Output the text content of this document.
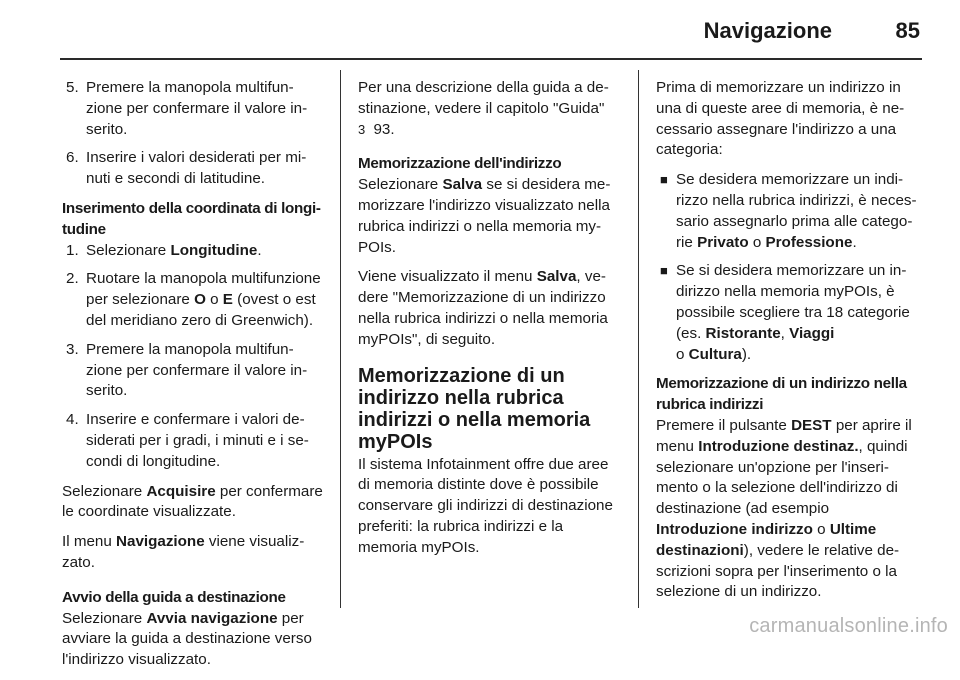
Navigazione	85
5. Premere la manopola multifunzione per confermare il valore inserito.
6. Inserire i valori desiderati per minuti e secondi di latitudine.
Inserimento della coordinata di longitudine
1. Selezionare Longitudine.
2. Ruotare la manopola multifunzione per selezionare O o E (ovest o est del meridiano zero di Greenwich).
3. Premere la manopola multifunzione per confermare il valore inserito.
4. Inserire e confermare i valori desiderati per i gradi, i minuti e i secondi di longitudine.

Selezionare Acquisire per confermare le coordinate visualizzate.

Il menu Navigazione viene visualizzato.

Avvio della guida a destinazione

Selezionare Avvia navigazione per avviare la guida a destinazione verso l'indirizzo visualizzato.

Per una descrizione della guida a destinazione, vedere il capitolo "Guida"
3 93.

Memorizzazione dell'indirizzo

Selezionare Salva se si desidera memorizzare l'indirizzo visualizzato nella rubrica indirizzi o nella memoria myPOIs.

Viene visualizzato il menu Salva, vedere "Memorizzazione di un indirizzo nella rubrica indirizzi o nella memoria myPOIs", di seguito.

Memorizzazione di un indirizzo nella rubrica indirizzi o nella memoria myPOIs

Il sistema Infotainment offre due aree di memoria distinte dove è possibile conservare gli indirizzi di destinazione preferiti: la rubrica indirizzi e la memoria myPOIs.

Prima di memorizzare un indirizzo in una di queste aree di memoria, è necessario assegnare l'indirizzo a una categoria:

■ Se desidera memorizzare un indirizzo nella rubrica indirizzi, è necessario assegnarlo prima alle categorie Privato o Professione.
■ Se si desidera memorizzare un indirizzo nella memoria myPOIs, è possibile scegliere tra 18 categorie (es. Ristorante, Viaggi
o Cultura).
Memorizzazione di un indirizzo nella rubrica indirizzi

Premere il pulsante DEST per aprire il menu Introduzione destinaz., quindi selezionare un'opzione per l'inserimento o la selezione dell'indirizzo di destinazione (ad esempio Introduzione indirizzo o Ultime destinazioni), vedere le relative descrizioni sopra per l'inserimento o la selezione di un indirizzo.

carmanualsonline.info
